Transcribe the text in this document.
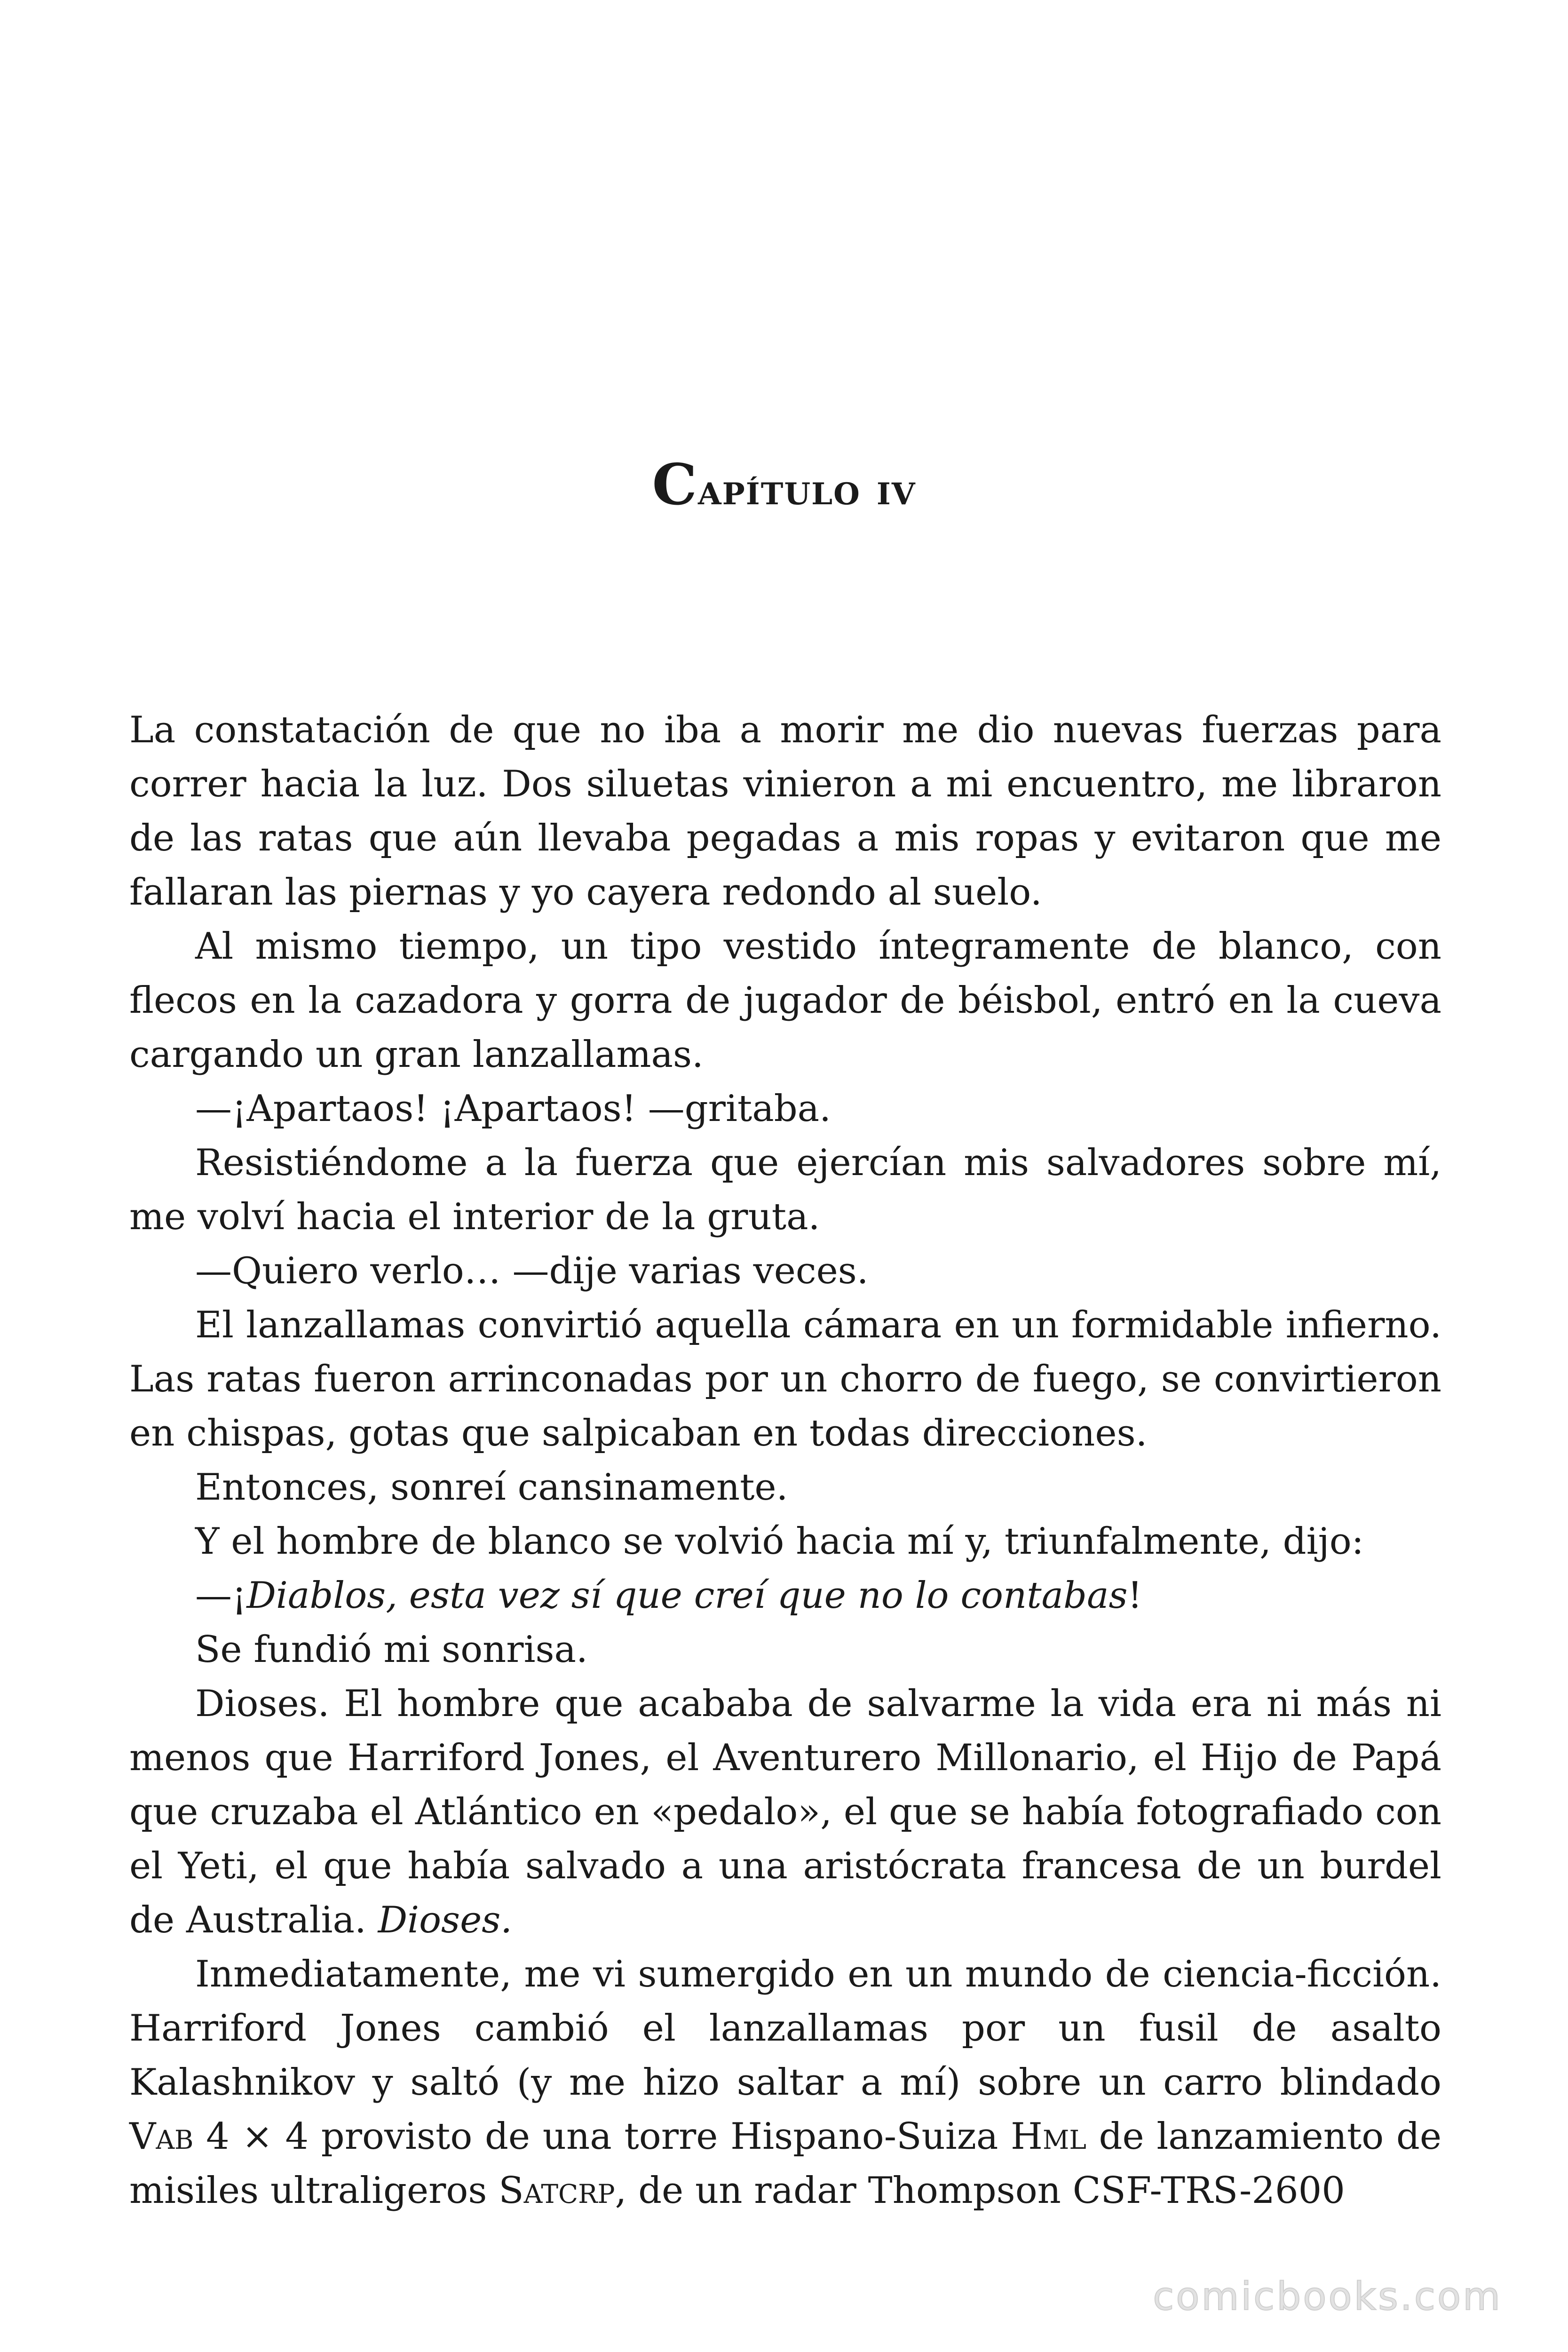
Capítulo iv

La constatación de que no iba a morir me dio nuevas fuerzas para correr hacia la luz. Dos siluetas vinieron a mi encuentro, me libraron de las ratas que aún llevaba pegadas a mis ropas y evitaron que me fallaran las piernas y yo cayera redondo al suelo.

Al mismo tiempo, un tipo vestido íntegramente de blanco, con flecos en la cazadora y gorra de jugador de béisbol, entró en la cueva cargando un gran lanzallamas.

—¡Apartaos! ¡Apartaos! —gritaba.

Resistiéndome a la fuerza que ejercían mis salvadores sobre mí, me volví hacia el interior de la gruta.

—Quiero verlo… —dije varias veces.

El lanzallamas convirtió aquella cámara en un formidable infierno. Las ratas fueron arrinconadas por un chorro de fuego, se convirtieron en chispas, gotas que salpicaban en todas direcciones.

Entonces, sonreí cansinamente.

Y el hombre de blanco se volvió hacia mí y, triunfalmente, dijo:

—¡Diablos, esta vez sí que creí que no lo contabas!

Se fundió mi sonrisa.

Dioses. El hombre que acababa de salvarme la vida era ni más ni menos que Harriford Jones, el Aventurero Millonario, el Hijo de Papá que cruzaba el Atlántico en «pedalo», el que se había fotografiado con el Yeti, el que había salvado a una aristócrata francesa de un burdel de Australia. Dioses.

Inmediatamente, me vi sumergido en un mundo de ciencia-ficción. Harriford Jones cambió el lanzallamas por un fusil de asalto Kalashnikov y saltó (y me hizo saltar a mí) sobre un carro blindado Vab 4 × 4 provisto de una torre Hispano-Suiza Hml de lanzamiento de misiles ultraligeros Satcrp, de un radar Thompson CSF-TRS-2600

comicbooks.com
